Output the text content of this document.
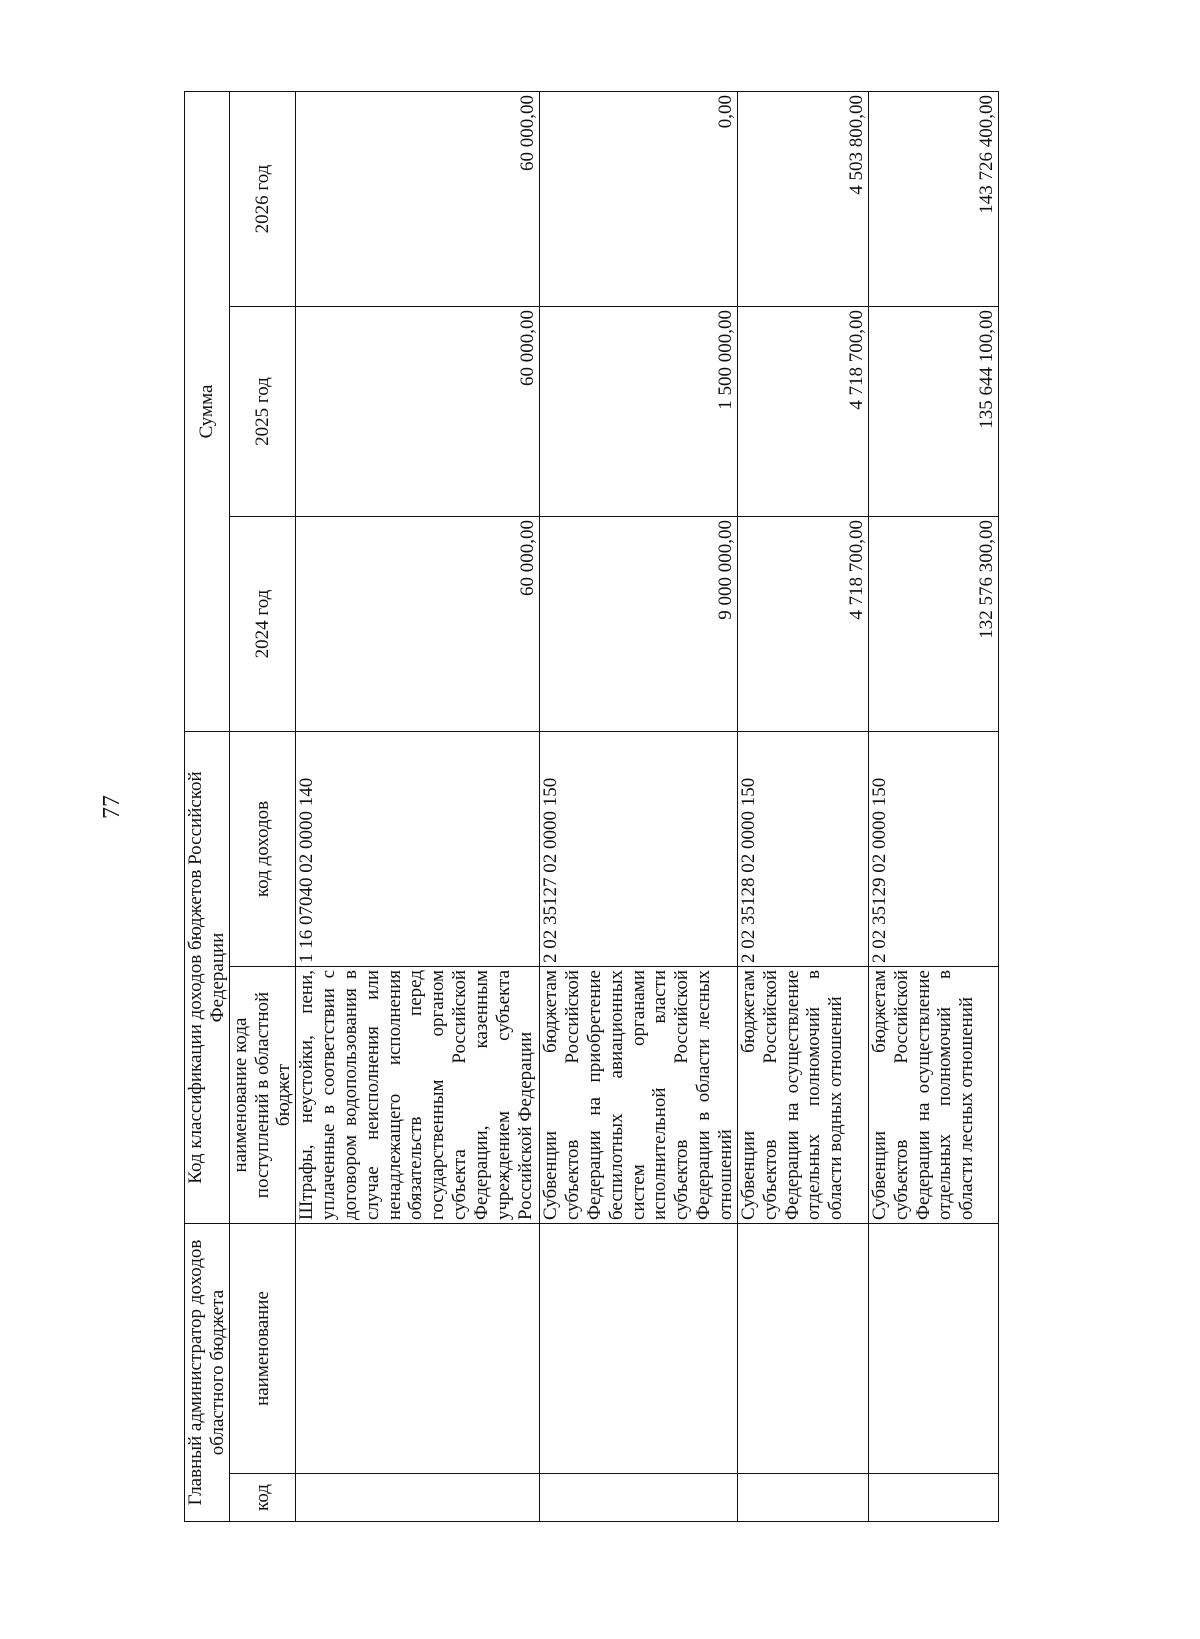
77
Главный администратор доходов областного бюджета		Код классификации доходов бюджетов Российской Федерации		Сумма		
код	наименование	наименование кода поступлений в областной бюджет	код доходов	2024 год	2025 год	2026 год
		Штрафы, неустойки, пени, уплаченные в соответствии с договором водопользования в случае неисполнения или ненадлежащего исполнения обязательств перед государственным органом субъекта Российской Федерации, казенным учреждением субъекта Российской Федерации	1 16 07040 02 0000 140	60 000,00	60 000,00	60 000,00
		Субвенции бюджетам субъектов Российской Федерации на приобретение беспилотных авиационных систем органами исполнительной власти субъектов Российской Федерации в области лесных отношений	2 02 35127 02 0000 150	9 000 000,00	1 500 000,00	0,00
		Субвенции бюджетам субъектов Российской Федерации на осуществление отдельных полномочий в области водных отношений	2 02 35128 02 0000 150	4 718 700,00	4 718 700,00	4 503 800,00
		Субвенции бюджетам субъектов Российской Федерации на осуществление отдельных полномочий в области лесных отношений	2 02 35129 02 0000 150	132 576 300,00	135 644 100,00	143 726 400,00
